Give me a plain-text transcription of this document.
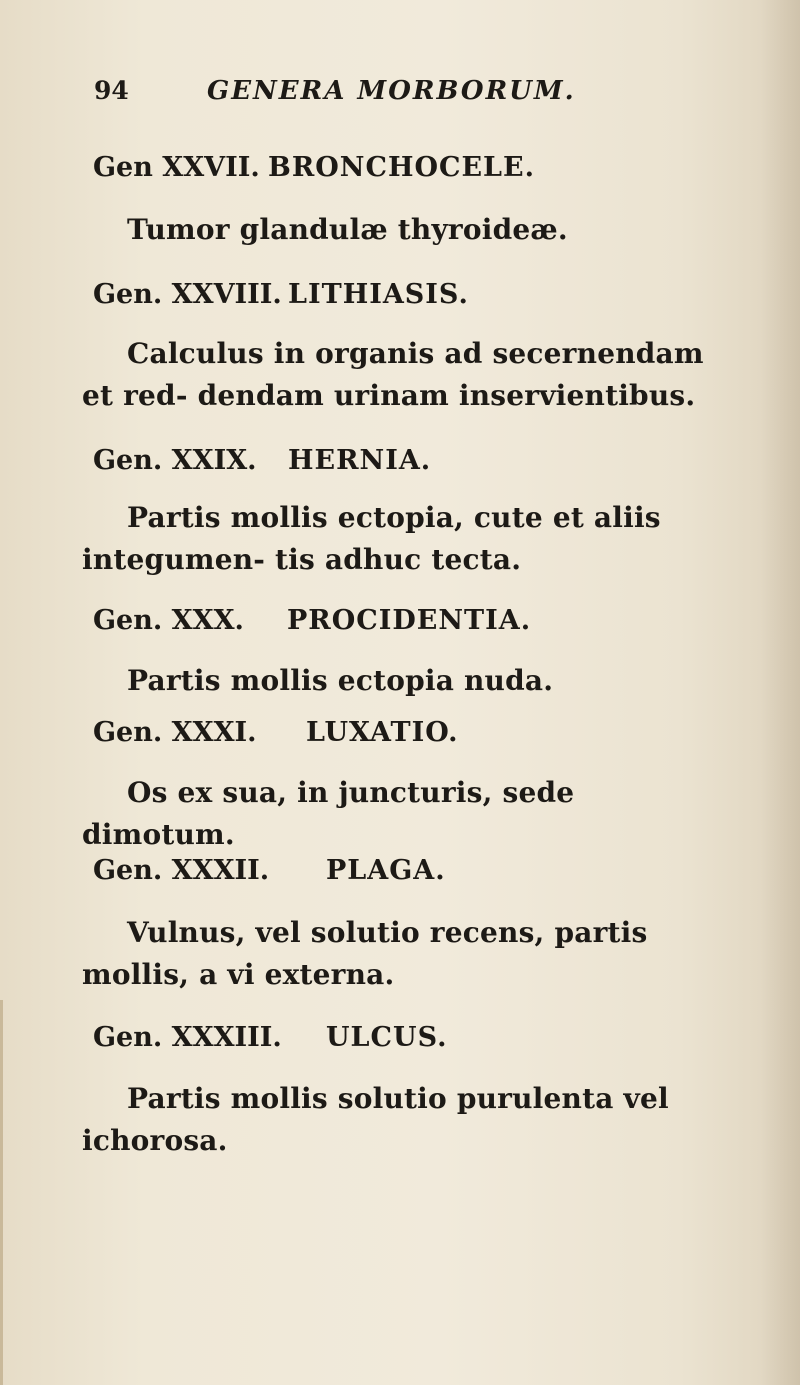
94	GENERA MORBORUM.
Gen XXVII. BRONCHOCELE.
Tumor glandulæ thyroideæ.
Gen. XXVIII. LITHIASIS.
Calculus in organis ad secernendam et red- dendam urinam inservientibus.
Gen. XXIX. HERNIA.
Partis mollis ectopia, cute et aliis integumen- tis adhuc tecta.
Gen. XXX. PROCIDENTIA.
Partis mollis ectopia nuda.
Gen. XXXI. LUXATIO.
Os ex sua, in juncturis, sede dimotum.
Gen. XXXII. PLAGA.
Vulnus, vel solutio recens, partis mollis, a vi externa.
Gen. XXXIII. ULCUS.
Partis mollis solutio purulenta vel ichorosa.
